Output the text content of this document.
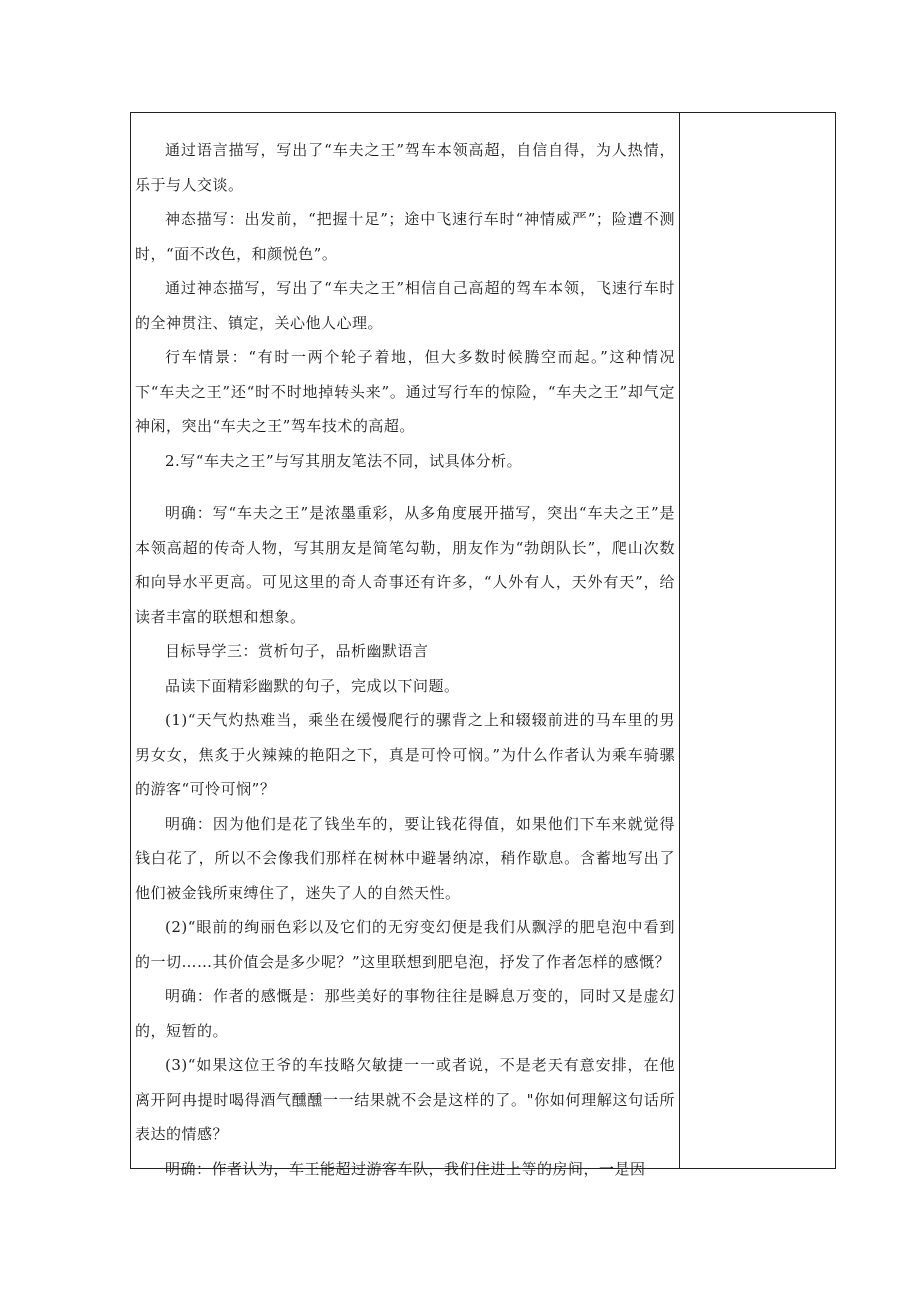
通过语言描写，写出了“车夫之王”驾车本领高超，自信自得，为人热情，乐于与人交谈。

神态描写：出发前，“把握十足”；途中飞速行车时“神情威严”；险遭不测时，“面不改色，和颜悦色”。

通过神态描写，写出了“车夫之王”相信自己高超的驾车本领，飞速行车时的全神贯注、镇定，关心他人心理。

行车情景：“有时一两个轮子着地，但大多数时候腾空而起。”这种情况下“车夫之王”还“时不时地掉转头来”。通过写行车的惊险，“车夫之王”却气定神闲，突出“车夫之王”驾车技术的高超。

2.写“车夫之王”与写其朋友笔法不同，试具体分析。

明确：写“车夫之王”是浓墨重彩，从多角度展开描写，突出“车夫之王”是本领高超的传奇人物，写其朋友是简笔勾勒，朋友作为“勃朗队长”，爬山次数和向导水平更高。可见这里的奇人奇事还有许多，“人外有人，天外有天”，给读者丰富的联想和想象。

目标导学三：赏析句子，品析幽默语言

品读下面精彩幽默的句子，完成以下问题。

(1)“天气灼热难当，乘坐在缓慢爬行的骡背之上和辍辍前进的马车里的男男女女，焦炙于火辣辣的艳阳之下，真是可怜可悯。”为什么作者认为乘车骑骡的游客“可怜可悯”？

明确：因为他们是花了钱坐车的，要让钱花得值，如果他们下车来就觉得钱白花了，所以不会像我们那样在树林中避暑纳凉，稍作歇息。含蓄地写出了他们被金钱所束缚住了，迷失了人的自然天性。

(2)“眼前的绚丽色彩以及它们的无穷变幻便是我们从飘浮的肥皂泡中看到的一切……其价值会是多少呢？”这里联想到肥皂泡，抒发了作者怎样的感慨？

明确：作者的感慨是：那些美好的事物往往是瞬息万变的，同时又是虚幻的，短暂的。

(3)“如果这位王爷的车技略欠敏捷一一或者说，不是老天有意安排，在他离开阿冉提时喝得酒气醺醺一一结果就不会是这样的了。"你如何理解这句话所表达的情感？

明确：作者认为，车王能超过游客车队，我们住进上等的房间，一是因
